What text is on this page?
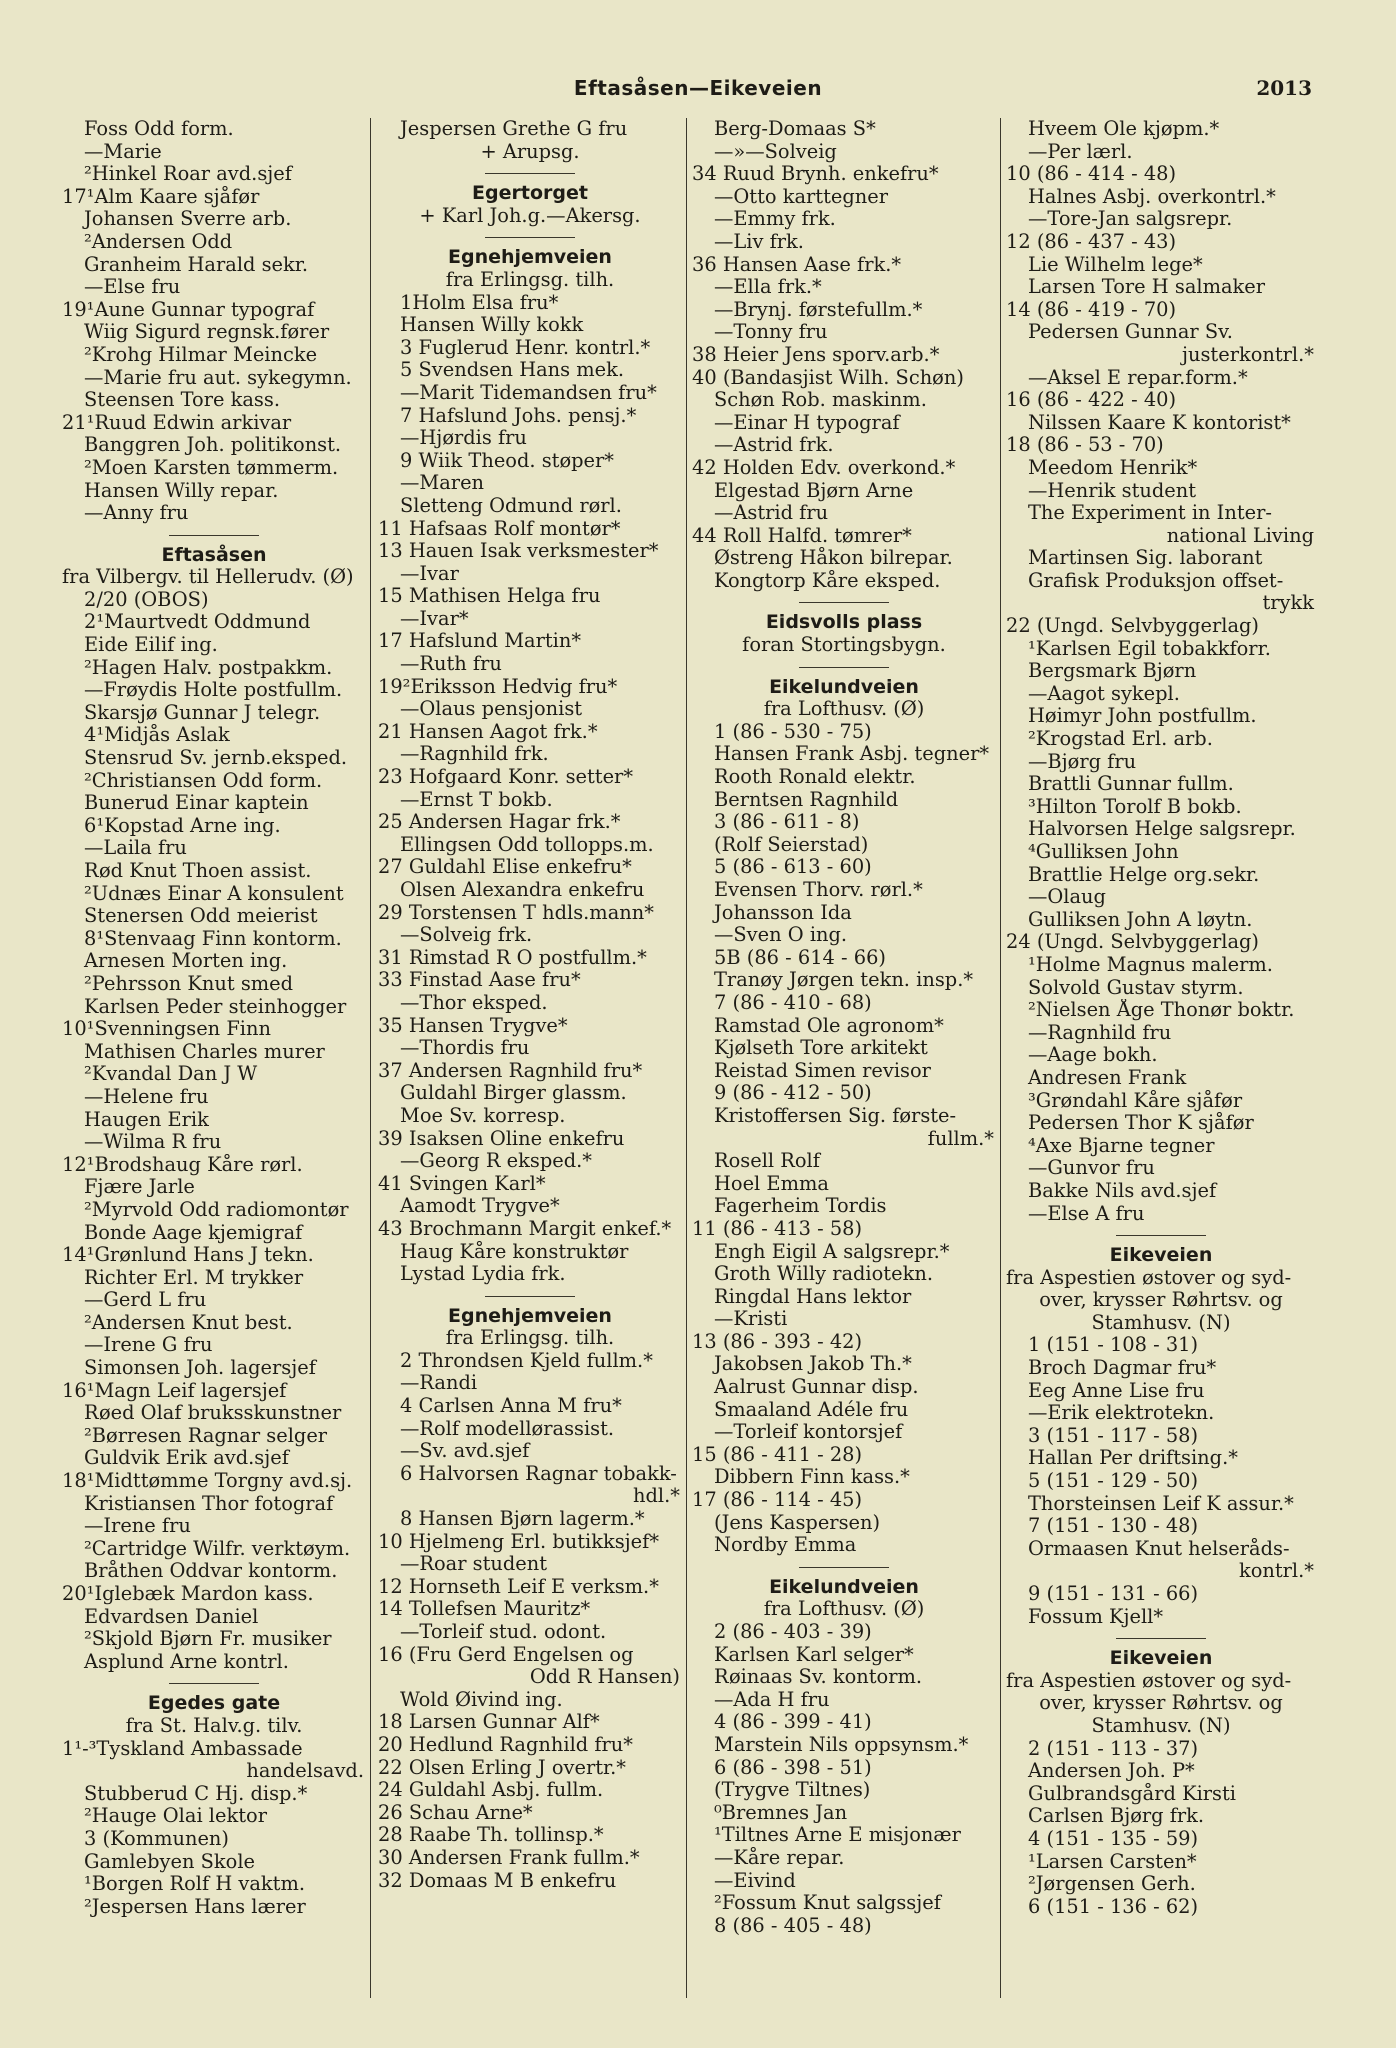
Eftasåsen—Eikeveien	2013
Foss Odd form.
—Marie
²Hinkel Roar avd.sjef
17¹Alm Kaare sjåfør
Johansen Sverre arb.
²Andersen Odd
Granheim Harald sekr.
—Else fru
19¹Aune Gunnar typograf
Wiig Sigurd regnsk.fører
²Krohg Hilmar Meincke
—Marie fru aut. sykegymn.
Steensen Tore kass.
21¹Ruud Edwin arkivar
Banggren Joh. politikonst.
²Moen Karsten tømmerm.
Hansen Willy repar.
—Anny fru
Eftasåsen
fra Vilbergv. til Hellerudv. (Ø)
2/20 (OBOS)
2¹Maurtvedt Oddmund
Eide Eilif ing.
²Hagen Halv. postpakkm.
—Frøydis Holte postfullm.
Skarsjø Gunnar J telegr.
4¹Midjås Aslak
Stensrud Sv. jernb.eksped.
²Christiansen Odd form.
Bunerud Einar kaptein
6¹Kopstad Arne ing.
—Laila fru
Rød Knut Thoen assist.
²Udnæs Einar A konsulent
Stenersen Odd meierist
8¹Stenvaag Finn kontorm.
Arnesen Morten ing.
²Pehrsson Knut smed
Karlsen Peder steinhogger
10¹Svenningsen Finn
Mathisen Charles murer
²Kvandal Dan J W
—Helene fru
Haugen Erik
—Wilma R fru
12¹Brodshaug Kåre rørl.
Fjære Jarle
²Myrvold Odd radiomontør
Bonde Aage kjemigraf
14¹Grønlund Hans J tekn.
Richter Erl. M trykker
—Gerd L fru
²Andersen Knut best.
—Irene G fru
Simonsen Joh. lagersjef
16¹Magn Leif lagersjef
Røed Olaf bruksskunstner
²Børresen Ragnar selger
Guldvik Erik avd.sjef
18¹Midttømme Torgny avd.sj.
Kristiansen Thor fotograf
—Irene fru
²Cartridge Wilfr. verktøym.
Bråthen Oddvar kontorm.
20¹Iglebæk Mardon kass.
Edvardsen Daniel
²Skjold Bjørn Fr. musiker
Asplund Arne kontrl.
Egedes gate
fra St. Halv.g. tilv.
1¹-³Tyskland Ambassade
handelsavd.
Stubberud C Hj. disp.*
²Hauge Olai lektor
3 (Kommunen)
Gamlebyen Skole
¹Borgen Rolf H vaktm.
²Jespersen Hans lærer
Jespersen Grethe G fru
+ Arupsg.
Egertorget
+ Karl Joh.g.—Akersg.
Egnehjemveien
fra Erlingsg. tilh.
1Holm Elsa fru*
Hansen Willy kokk
3 Fuglerud Henr. kontrl.*
5 Svendsen Hans mek.
—Marit Tidemandsen fru*
7 Hafslund Johs. pensj.*
—Hjørdis fru
9 Wiik Theod. støper*
—Maren
Sletteng Odmund rørl.
11 Hafsaas Rolf montør*
13 Hauen Isak verksmester*
—Ivar
15 Mathisen Helga fru
—Ivar*
17 Hafslund Martin*
—Ruth fru
19²Eriksson Hedvig fru*
—Olaus pensjonist
21 Hansen Aagot frk.*
—Ragnhild frk.
23 Hofgaard Konr. setter*
—Ernst T bokb.
25 Andersen Hagar frk.*
Ellingsen Odd tollopps.m.
27 Guldahl Elise enkefru*
Olsen Alexandra enkefru
29 Torstensen T hdls.mann*
—Solveig frk.
31 Rimstad R O postfullm.*
33 Finstad Aase fru*
—Thor eksped.
35 Hansen Trygve*
—Thordis fru
37 Andersen Ragnhild fru*
Guldahl Birger glassm.
Moe Sv. korresp.
39 Isaksen Oline enkefru
—Georg R eksped.*
41 Svingen Karl*
Aamodt Trygve*
43 Brochmann Margit enkef.*
Haug Kåre konstruktør
Lystad Lydia frk.
Egnehjemveien
fra Erlingsg. tilh.
2 Throndsen Kjeld fullm.*
—Randi
4 Carlsen Anna M fru*
—Rolf modellørassist.
—Sv. avd.sjef
6 Halvorsen Ragnar tobakk-
hdl.*
8 Hansen Bjørn lagerm.*
10 Hjelmeng Erl. butikksjef*
—Roar student
12 Hornseth Leif E verksm.*
14 Tollefsen Mauritz*
—Torleif stud. odont.
16 (Fru Gerd Engelsen og
Odd R Hansen)
Wold Øivind ing.
18 Larsen Gunnar Alf*
20 Hedlund Ragnhild fru*
22 Olsen Erling J overtr.*
24 Guldahl Asbj. fullm.
26 Schau Arne*
28 Raabe Th. tollinsp.*
30 Andersen Frank fullm.*
32 Domaas M B enkefru
Berg-Domaas S*
—»—Solveig
34 Ruud Brynh. enkefru*
—Otto karttegner
—Emmy frk.
—Liv frk.
36 Hansen Aase frk.*
—Ella frk.*
—Brynj. førstefullm.*
—Tonny fru
38 Heier Jens sporv.arb.*
40 (Bandasjist Wilh. Schøn)
Schøn Rob. maskinm.
—Einar H typograf
—Astrid frk.
42 Holden Edv. overkond.*
Elgestad Bjørn Arne
—Astrid fru
44 Roll Halfd. tømrer*
Østreng Håkon bilrepar.
Kongtorp Kåre eksped.
Eidsvolls plass
foran Stortingsbygn.
Eikelundveien
fra Lofthusv. (Ø)
1 (86 - 530 - 75)
Hansen Frank Asbj. tegner*
Rooth Ronald elektr.
Berntsen Ragnhild
3 (86 - 611 - 8)
(Rolf Seierstad)
5 (86 - 613 - 60)
Evensen Thorv. rørl.*
Johansson Ida
—Sven O ing.
5B (86 - 614 - 66)
Tranøy Jørgen tekn. insp.*
7 (86 - 410 - 68)
Ramstad Ole agronom*
Kjølseth Tore arkitekt
Reistad Simen revisor
9 (86 - 412 - 50)
Kristoffersen Sig. første-
fullm.*
Rosell Rolf
Hoel Emma
Fagerheim Tordis
11 (86 - 413 - 58)
Engh Eigil A salgsrepr.*
Groth Willy radiotekn.
Ringdal Hans lektor
—Kristi
13 (86 - 393 - 42)
Jakobsen Jakob Th.*
Aalrust Gunnar disp.
Smaaland Adéle fru
—Torleif kontorsjef
15 (86 - 411 - 28)
Dibbern Finn kass.*
17 (86 - 114 - 45)
(Jens Kaspersen)
Nordby Emma
Eikelundveien
fra Lofthusv. (Ø)
2 (86 - 403 - 39)
Karlsen Karl selger*
Røinaas Sv. kontorm.
—Ada H fru
4 (86 - 399 - 41)
Marstein Nils oppsynsm.*
6 (86 - 398 - 51)
(Trygve Tiltnes)
⁰Bremnes Jan
¹Tiltnes Arne E misjonær
—Kåre repar.
—Eivind
²Fossum Knut salgssjef
8 (86 - 405 - 48)
Hveem Ole kjøpm.*
—Per lærl.
10 (86 - 414 - 48)
Halnes Asbj. overkontrl.*
—Tore-Jan salgsrepr.
12 (86 - 437 - 43)
Lie Wilhelm lege*
Larsen Tore H salmaker
14 (86 - 419 - 70)
Pedersen Gunnar Sv.
justerkontrl.*
—Aksel E repar.form.*
16 (86 - 422 - 40)
Nilssen Kaare K kontorist*
18 (86 - 53 - 70)
Meedom Henrik*
—Henrik student
The Experiment in Inter-
national Living
Martinsen Sig. laborant
Grafisk Produksjon offset-
trykk
22 (Ungd. Selvbyggerlag)
¹Karlsen Egil tobakkforr.
Bergsmark Bjørn
—Aagot sykepl.
Høimyr John postfullm.
²Krogstad Erl. arb.
—Bjørg fru
Brattli Gunnar fullm.
³Hilton Torolf B bokb.
Halvorsen Helge salgsrepr.
⁴Gulliksen John
Brattlie Helge org.sekr.
—Olaug
Gulliksen John A løytn.
24 (Ungd. Selvbyggerlag)
¹Holme Magnus malerm.
Solvold Gustav styrm.
²Nielsen Åge Thonør boktr.
—Ragnhild fru
—Aage bokh.
Andresen Frank
³Grøndahl Kåre sjåfør
Pedersen Thor K sjåfør
⁴Axe Bjarne tegner
—Gunvor fru
Bakke Nils avd.sjef
—Else A fru
Eikeveien
fra Aspestien østover og syd-
over, krysser Røhrtsv. og
Stamhusv. (N)
1 (151 - 108 - 31)
Broch Dagmar fru*
Eeg Anne Lise fru
—Erik elektrotekn.
3 (151 - 117 - 58)
Hallan Per driftsing.*
5 (151 - 129 - 50)
Thorsteinsen Leif K assur.*
7 (151 - 130 - 48)
Ormaasen Knut helseråds-
kontrl.*
9 (151 - 131 - 66)
Fossum Kjell*
Eikeveien
fra Aspestien østover og syd-
over, krysser Røhrtsv. og
Stamhusv. (N)
2 (151 - 113 - 37)
Andersen Joh. P*
Gulbrandsgård Kirsti
Carlsen Bjørg frk.
4 (151 - 135 - 59)
¹Larsen Carsten*
²Jørgensen Gerh.
6 (151 - 136 - 62)
